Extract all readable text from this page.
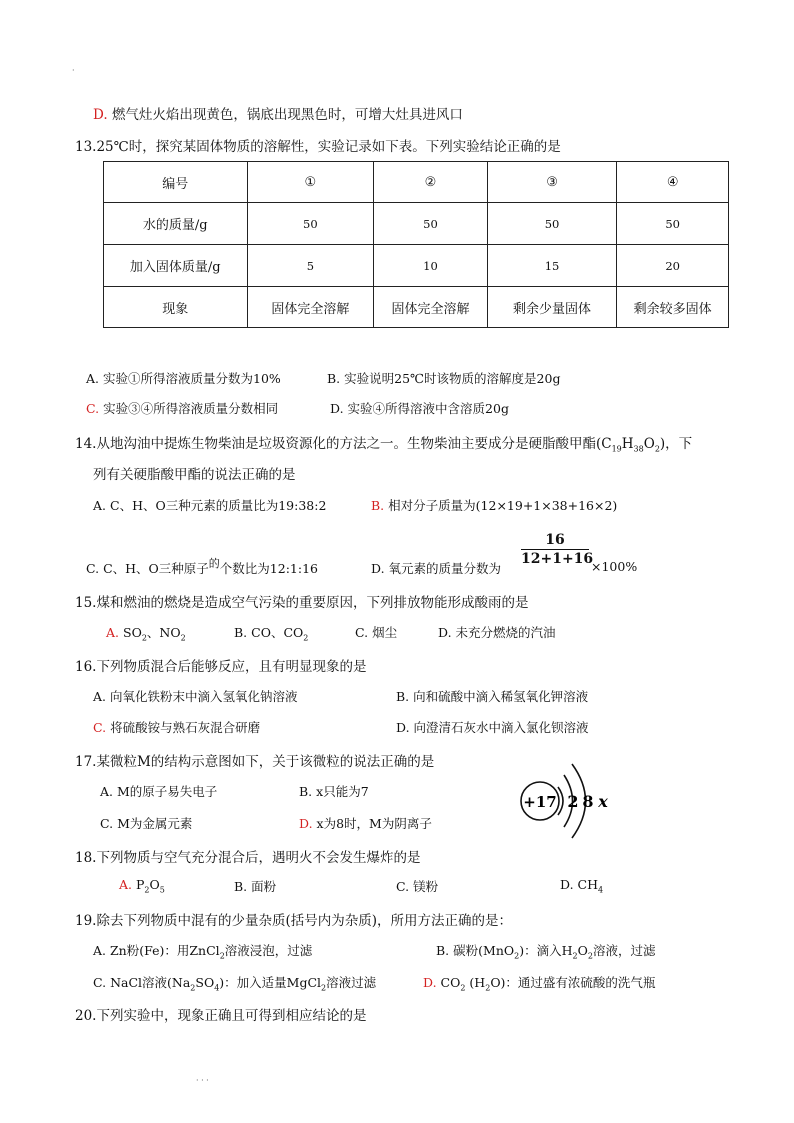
·
D. 燃气灶火焰出现黄色，锅底出现黑色时，可增大灶具进风口
13.25℃时，探究某固体物质的溶解性，实验记录如下表。下列实验结论正确的是
编号	①	②	③	④
水的质量/g	50	50	50	50
加入固体质量/g	5	10	15	20
现象	固体完全溶解	固体完全溶解	剩余少量固体	剩余较多固体
A. 实验①所得溶液质量分数为10%	B. 实验说明25℃时该物质的溶解度是20g
C. 实验③④所得溶液质量分数相同	D. 实验④所得溶液中含溶质20g
14.从地沟油中提炼生物柴油是垃圾资源化的方法之一。生物柴油主要成分是硬脂酸甲酯$(C_{19}H_{38}O_2)$，下
列有关硬脂酸甲酯的说法正确的是
A. C、H、O三种元素的质量比为19:38:2	B. 相对分子质量为(12×19+1×38+16×2)
C. C、H、O三种原子的个数比为12:1:16	D. 氧元素的质量分数为
16
12+1+16
×100%
15.煤和燃油的燃烧是造成空气污染的重要原因，下列排放物能形成酸雨的是
A. $SO_2$、$NO_2$	B. CO、$CO_2$	C. 烟尘	D. 未充分燃烧的汽油
16.下列物质混合后能够反应，且有明显现象的是
A. 向氧化铁粉末中滴入氢氧化钠溶液	B. 向和硫酸中滴入稀氢氧化钾溶液
C. 将硫酸铵与熟石灰混合研磨	D. 向澄清石灰水中滴入氯化钡溶液
17.某微粒M的结构示意图如下，关于该微粒的说法正确的是
A. M的原子易失电子	B. x只能为7
C. M为金属元素	D. x为8时，M为阴离子
+17 2 8 x
18.下列物质与空气充分混合后，遇明火不会发生爆炸的是
A. $P_2O_5$	B. 面粉	C. 镁粉	D. $CH_4$
19.除去下列物质中混有的少量杂质(括号内为杂质)，所用方法正确的是：
A. Zn粉(Fe)：用ZnCl$_2$溶液浸泡，过滤	B. 碳粉(MnO$_2$)：滴入$H_2O_2$溶液，过滤
C. NaCl溶液$(Na_2SO_4)$：加入适量MgCl$_2$溶液过滤	D. $CO_2$ $(H_2O)$：通过盛有浓硫酸的洗气瓶
20.下列实验中，现象正确且可得到相应结论的是
· · ·
